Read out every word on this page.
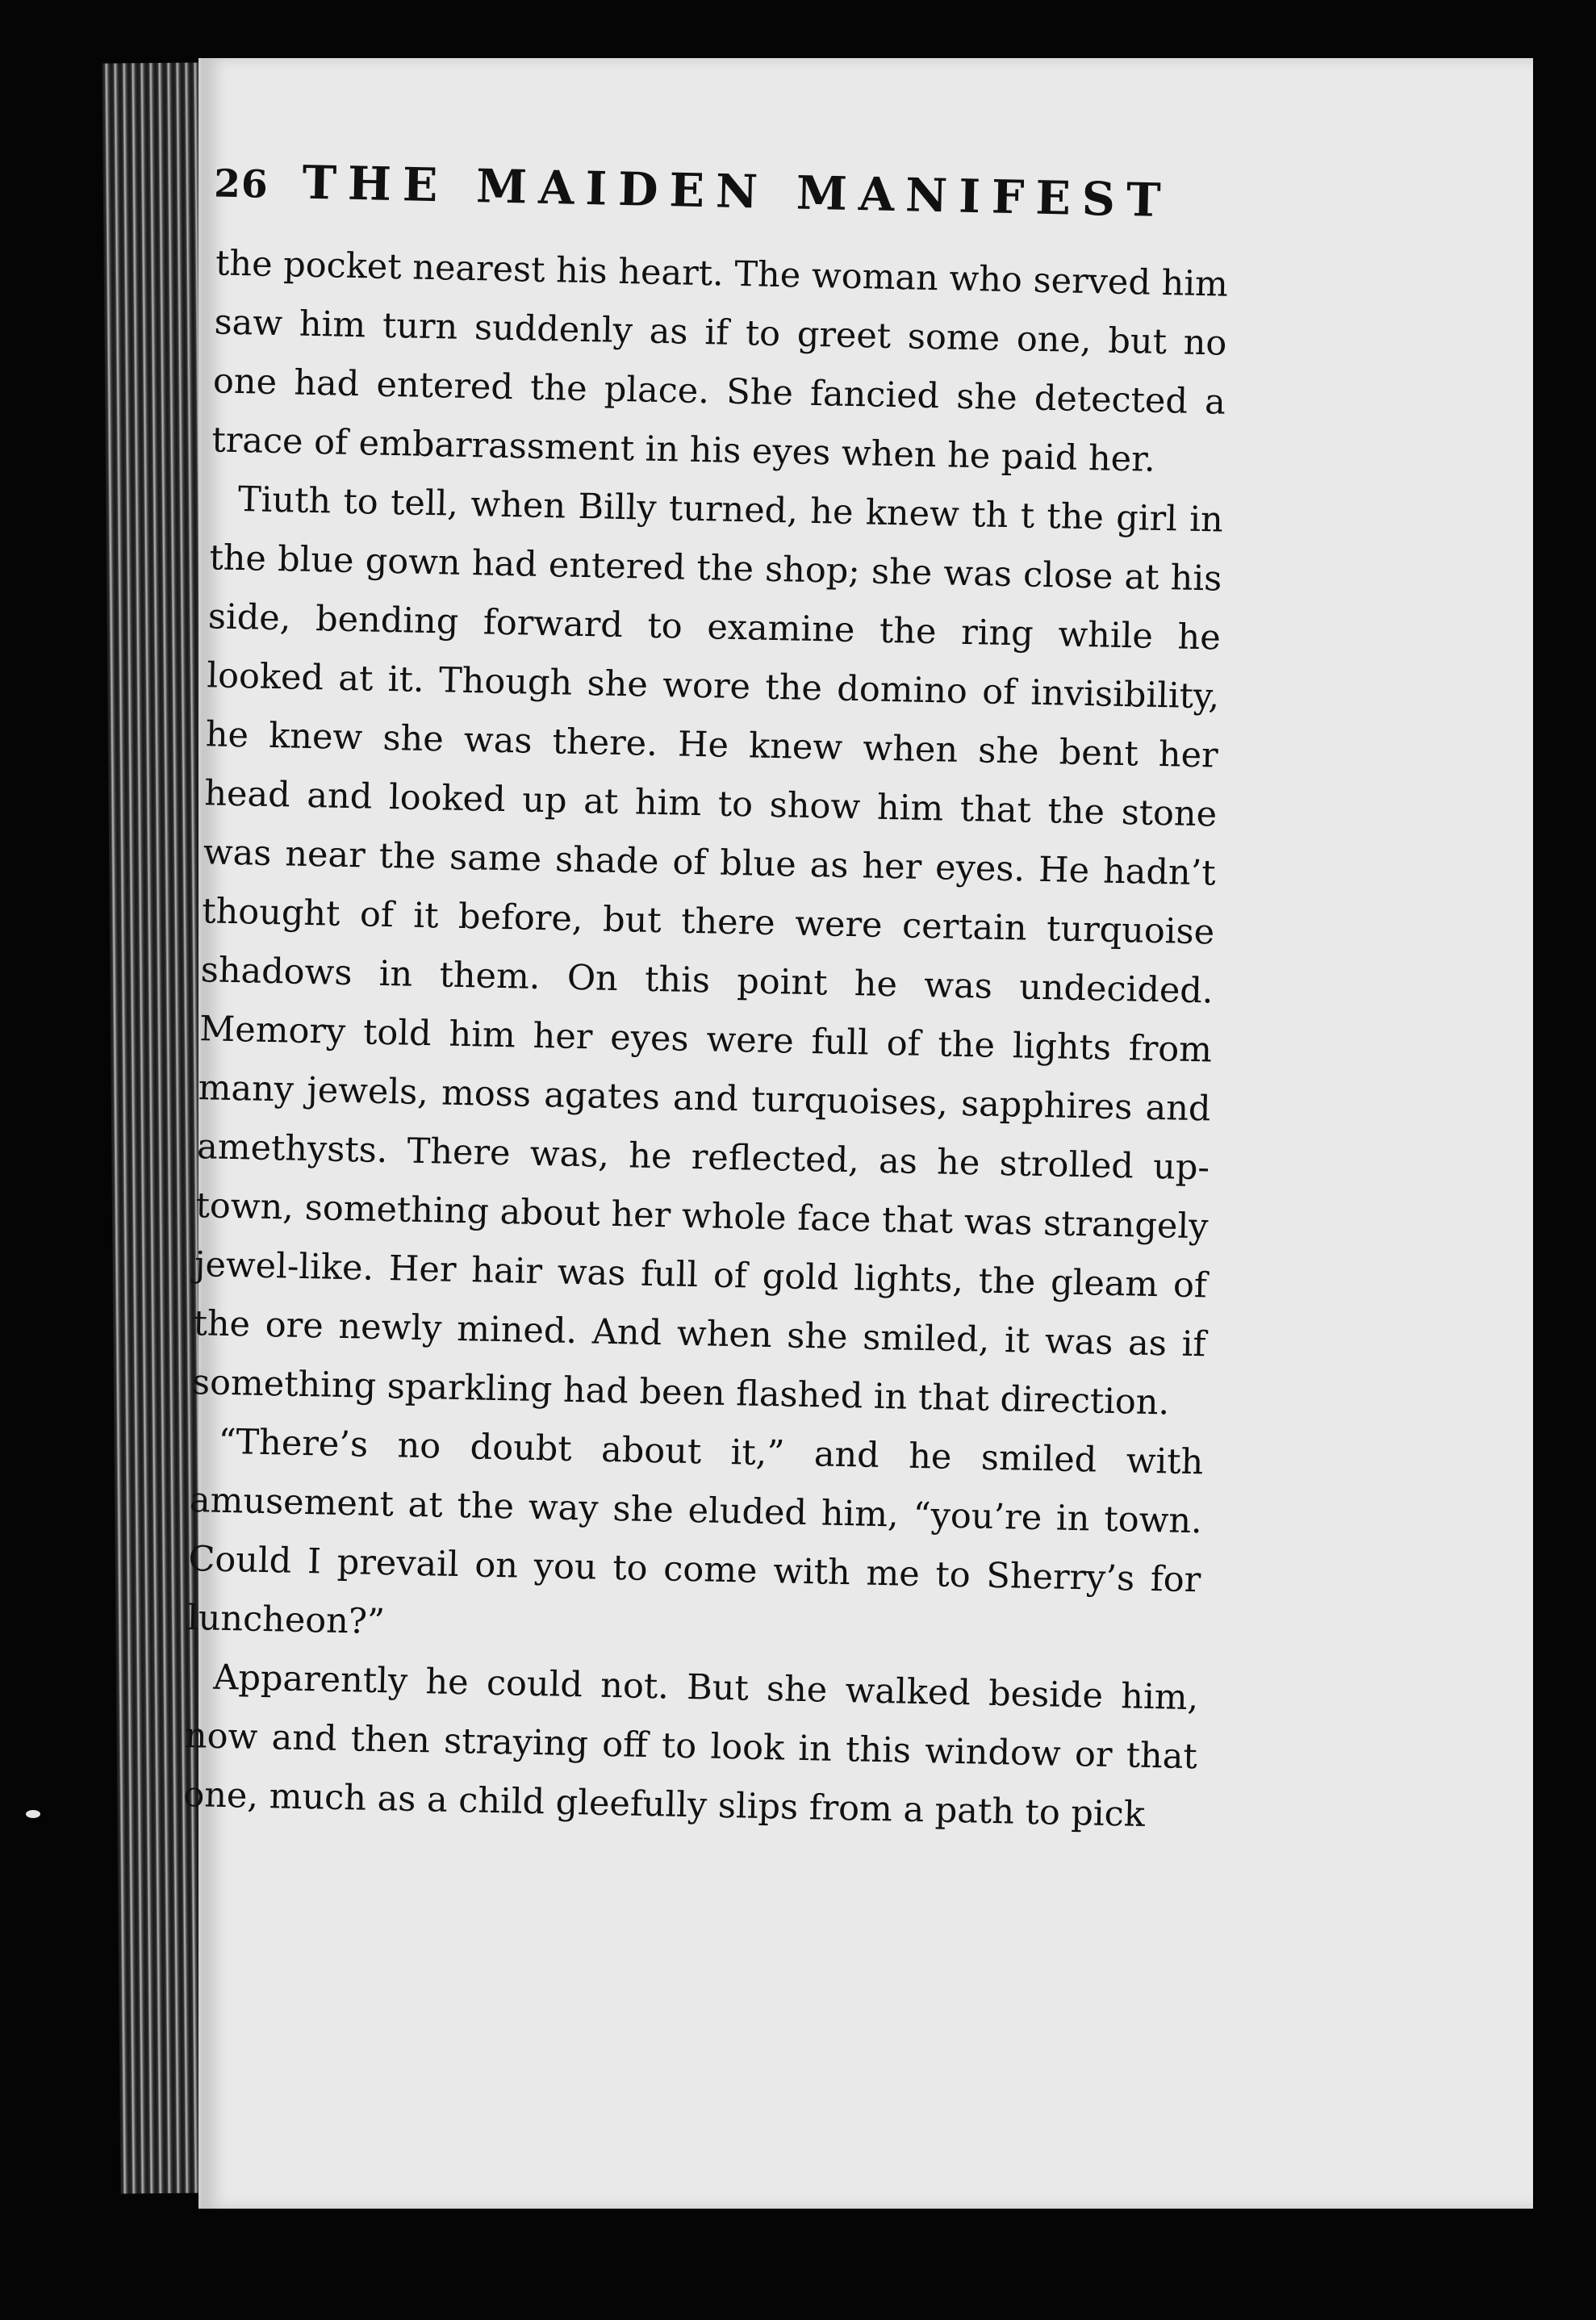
26 THE MAIDEN MANIFEST

the pocket nearest his heart. The woman who served him saw him turn suddenly as if to greet some one, but no one had entered the place. She fancied she detected a trace of embarrassment in his eyes when he paid her.

Tiuth to tell, when Billy turned, he knew th t the girl in the blue gown had entered the shop; she was close at his side, bending forward to examine the ring while he looked at it. Though she wore the domino of invisibility, he knew she was there. He knew when she bent her head and looked up at him to show him that the stone was near the same shade of blue as her eyes. He hadn’t thought of it before, but there were certain turquoise shadows in them. On this point he was undecided. Memory told him her eyes were full of the lights from many jewels, moss agates and turquoises, sapphires and amethysts. There was, he reflected, as he strolled up-town, something about her whole face that was strangely jewel-like. Her hair was full of gold lights, the gleam of the ore newly mined. And when she smiled, it was as if something sparkling had been flashed in that direction.

“There’s no doubt about it,” and he smiled with amusement at the way she eluded him, “you’re in town. Could I prevail on you to come with me to Sherry’s for luncheon?”

Apparently he could not. But she walked beside him, now and then straying off to look in this window or that one, much as a child gleefully slips from a path to pick
